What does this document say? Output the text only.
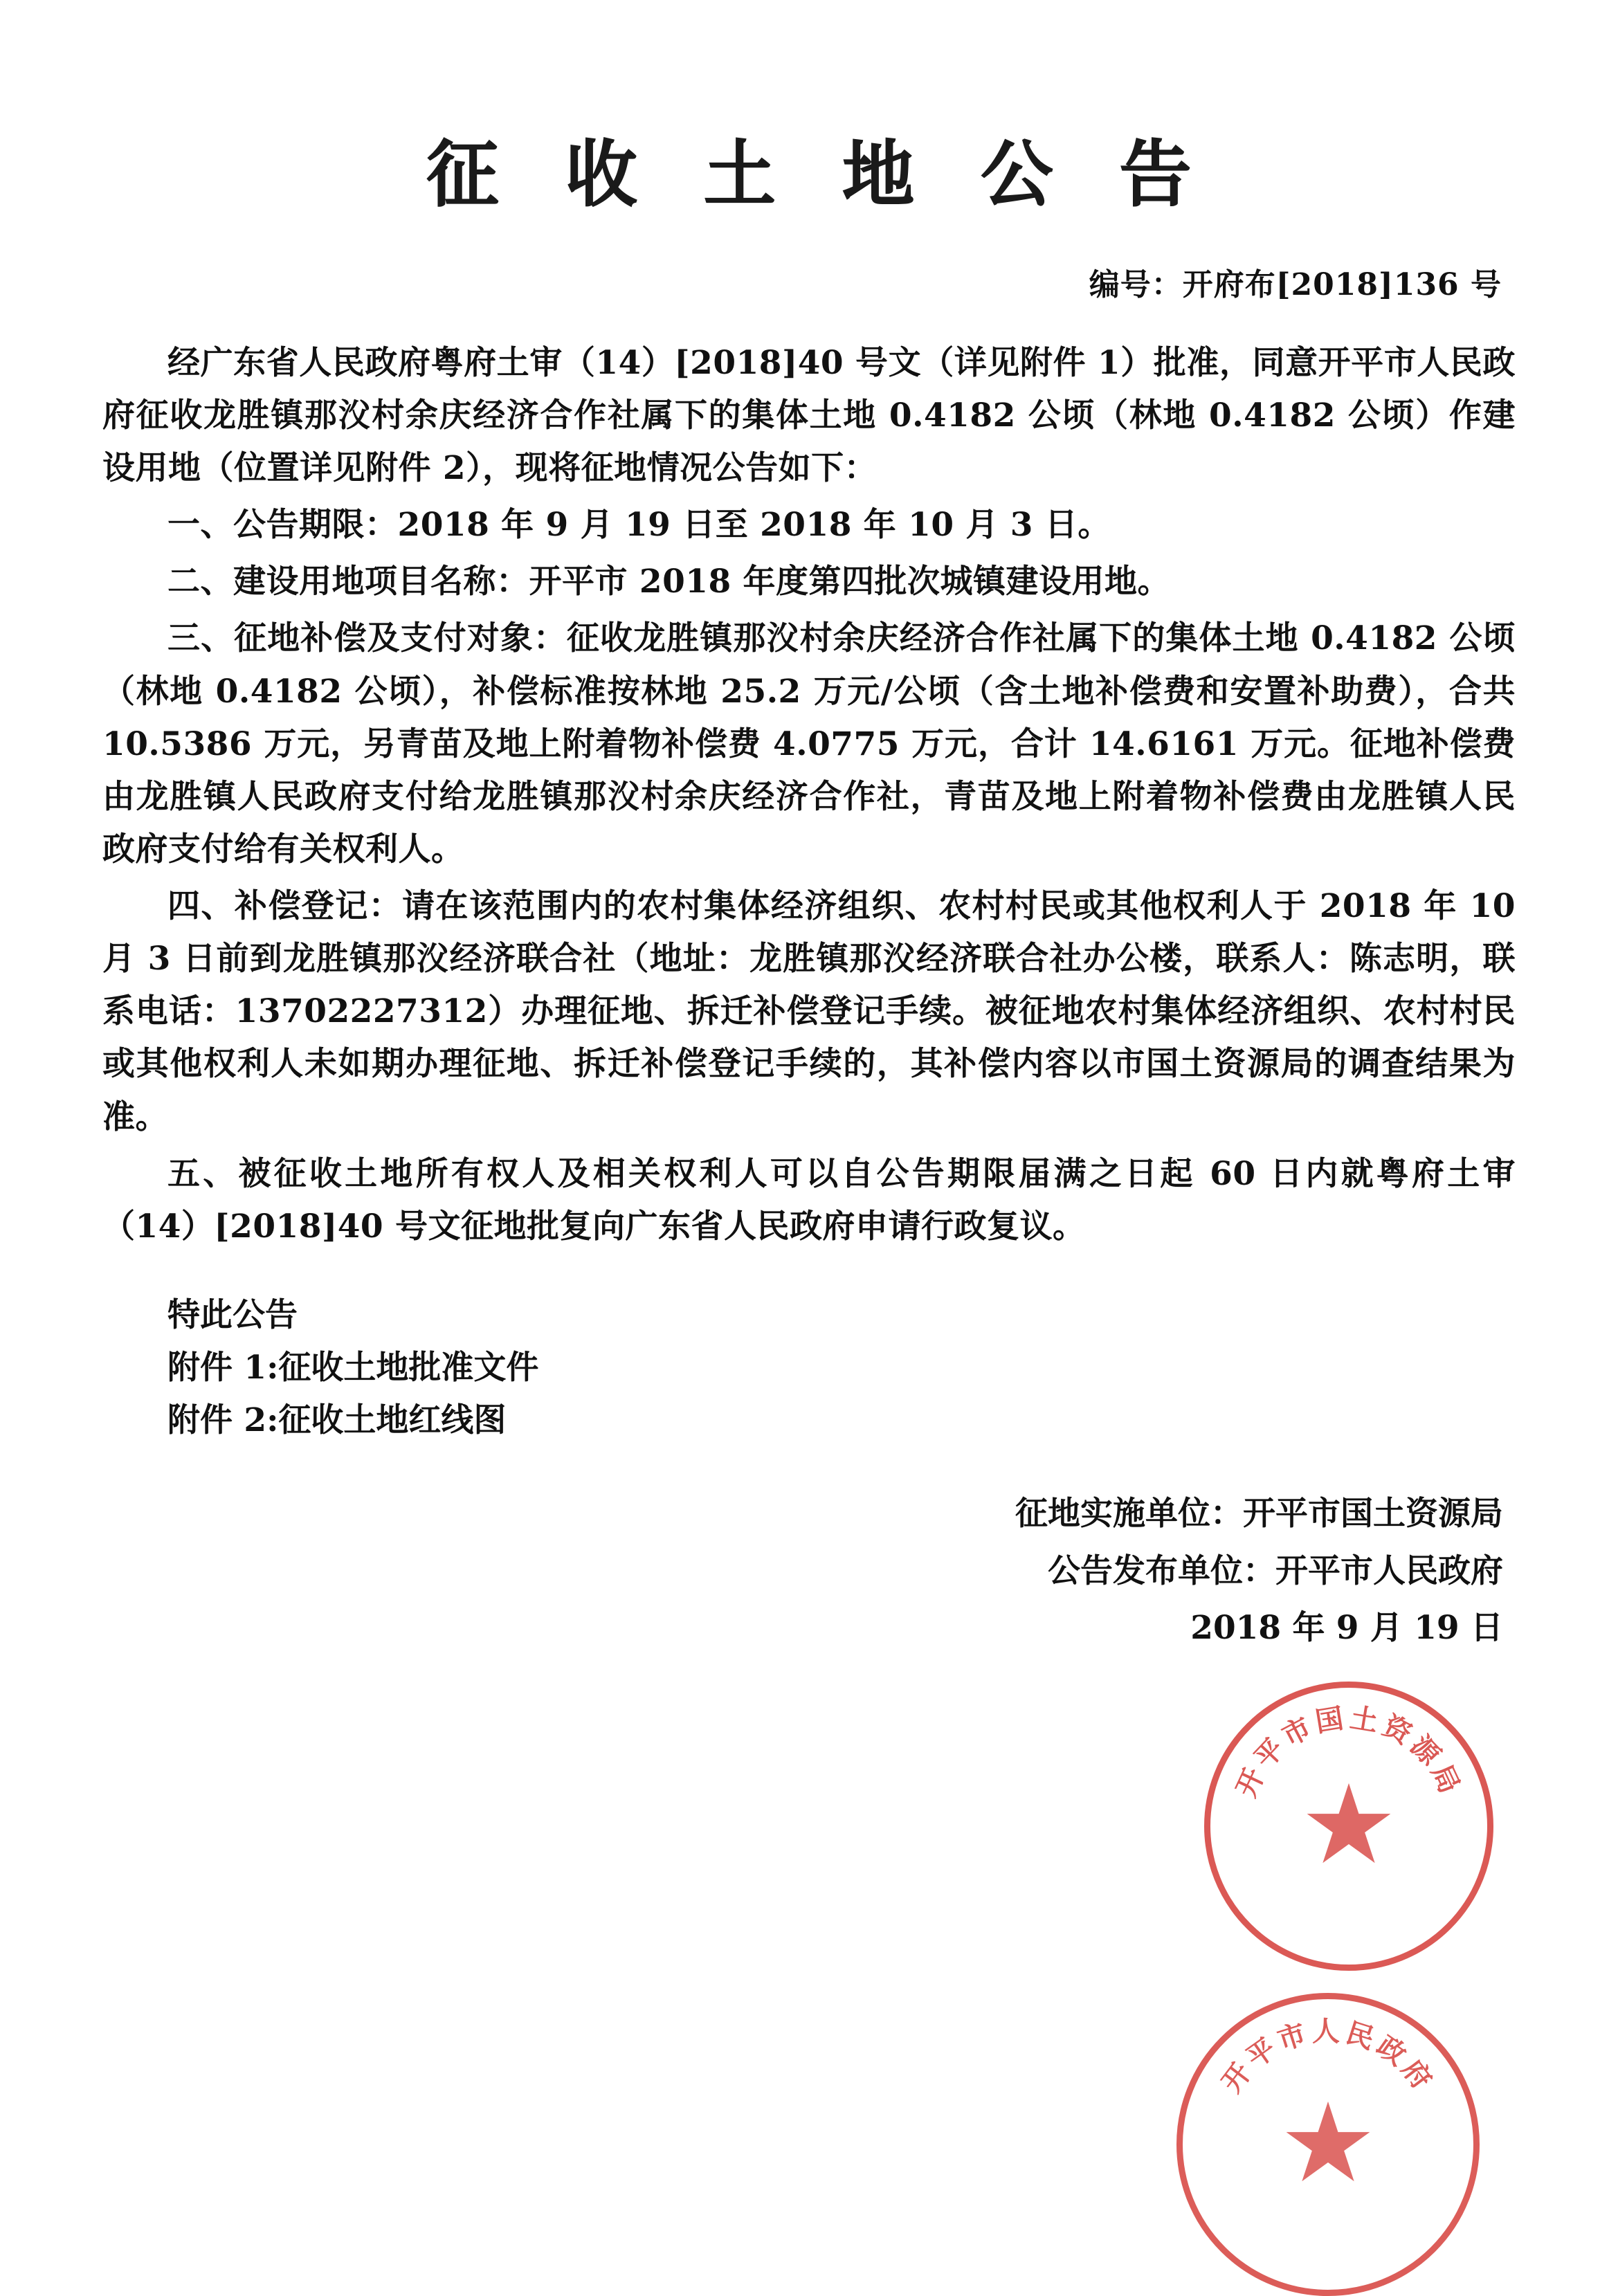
征 收 土 地 公 告
编号：开府布[2018]136 号

经广东省人民政府粤府土审（14）[2018]40 号文（详见附件 1）批准，同意开平市人民政府征收龙胜镇那㳇村余庆经济合作社属下的集体土地 0.4182 公顷（林地 0.4182 公顷）作建设用地（位置详见附件 2），现将征地情况公告如下：

一、公告期限：2018 年 9 月 19 日至 2018 年 10 月 3 日。

二、建设用地项目名称：开平市 2018 年度第四批次城镇建设用地。

三、征地补偿及支付对象：征收龙胜镇那㳇村余庆经济合作社属下的集体土地 0.4182 公顷（林地 0.4182 公顷），补偿标准按林地 25.2 万元/公顷（含土地补偿费和安置补助费），合共 10.5386 万元，另青苗及地上附着物补偿费 4.0775 万元，合计 14.6161 万元。征地补偿费由龙胜镇人民政府支付给龙胜镇那㳇村余庆经济合作社，青苗及地上附着物补偿费由龙胜镇人民政府支付给有关权利人。

四、补偿登记：请在该范围内的农村集体经济组织、农村村民或其他权利人于 2018 年 10 月 3 日前到龙胜镇那㳇经济联合社（地址：龙胜镇那㳇经济联合社办公楼，联系人：陈志明，联系电话：13702227312）办理征地、拆迁补偿登记手续。被征地农村集体经济组织、农村村民或其他权利人未如期办理征地、拆迁补偿登记手续的，其补偿内容以市国土资源局的调查结果为准。

五、被征收土地所有权人及相关权利人可以自公告期限届满之日起 60 日内就粤府土审（14）[2018]40 号文征地批复向广东省人民政府申请行政复议。

特此公告
附件 1:征收土地批准文件
附件 2:征收土地红线图
征地实施单位：开平市国土资源局
公告发布单位：开平市人民政府
2018 年 9 月 19 日
开平市国土资源局
★
开平市人民政府
★
